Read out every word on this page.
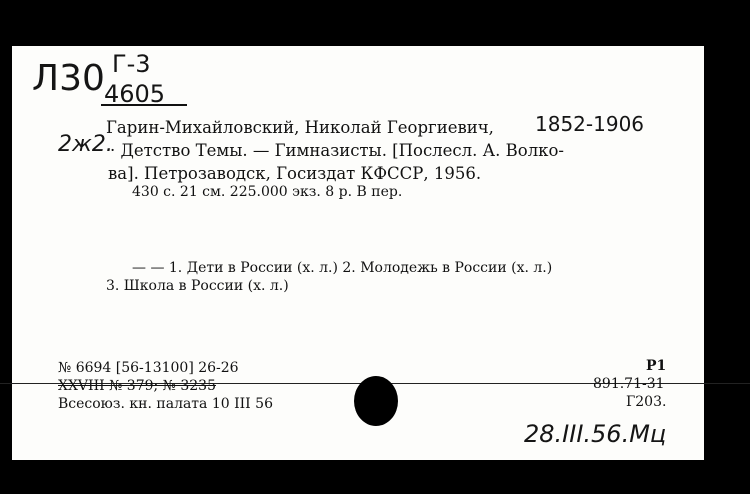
Л30 Г-3
4605
2ж2.
Гарин-Михайловский, Николай Георгиевич, 1852-1906
· Детство Темы. — Гимназисты. [Послесл. А. Волко-
ва]. Петрозаводск, Госиздат КФССР, 1956.
430 с. 21 см. 225.000 экз. 8 р. В пер.
— — 1. Дети в России (х. л.) 2. Молодежь в России (х. л.)
3. Школа в России (х. л.)
№ 6694 [56-13100] 26-26
XXVIII № 379; № 3235
Всесоюз. кн. палата 10 III 56
Р1
891.71-31
Г203.
28.III.56.Мц
